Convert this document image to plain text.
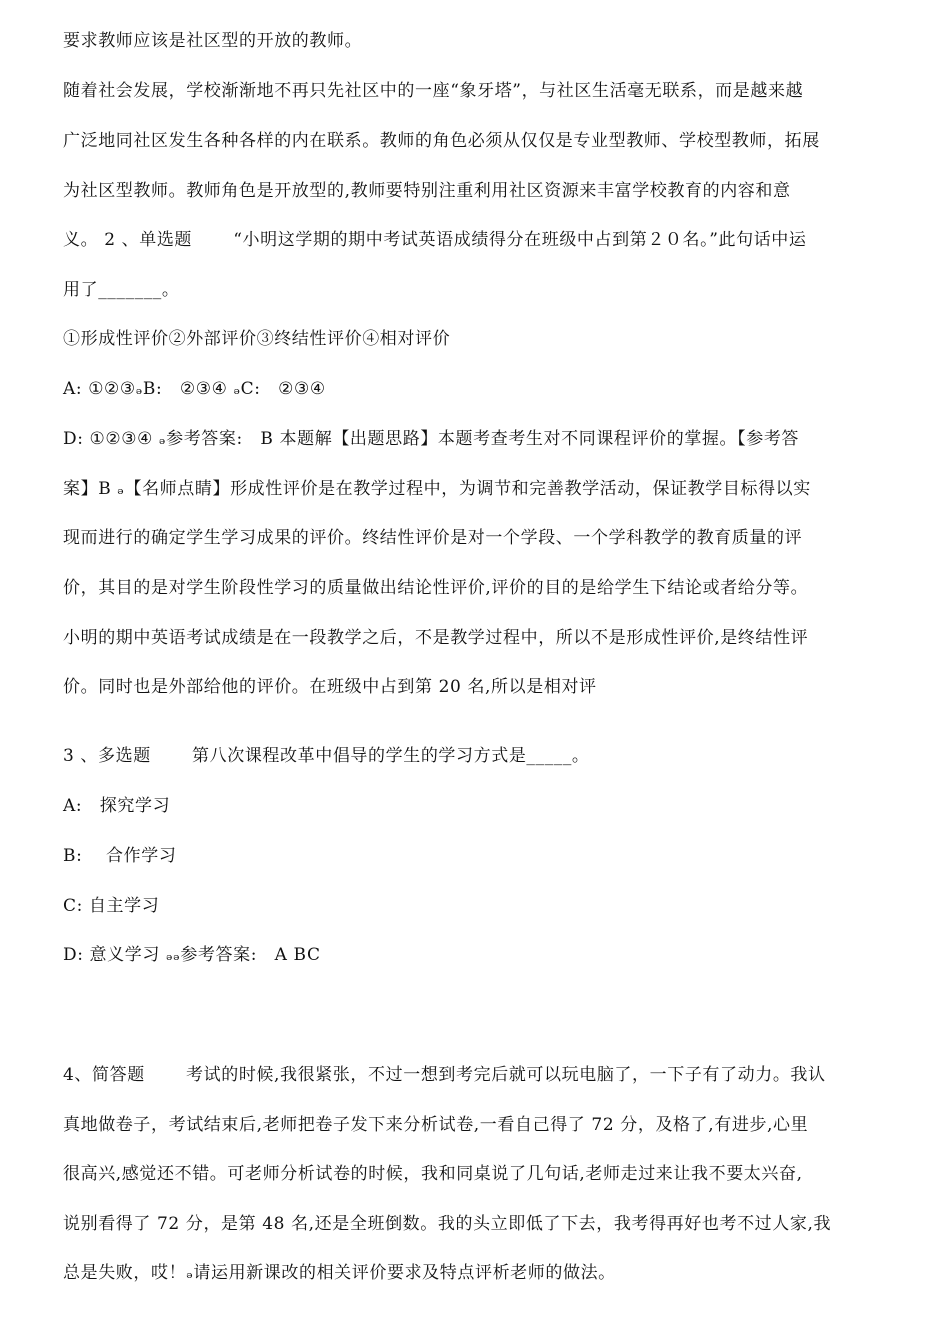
要求教师应该是社区型的开放的教师。
随着社会发展，学校渐渐地不再只先社区中的一座“象牙塔”，与社区生活毫无联系，而是越来越
广泛地同社区发生各种各样的内在联系。教师的角色必须从仅仅是专业型教师、学校型教师，拓展
为社区型教师。教师角色是开放型的,教师要特别注重利用社区资源来丰富学校教育的内容和意
义。 2 、单选题　　 “小明这学期的期中考试英语成绩得分在班级中占到第２０名。”此句话中运
用了_______。
①形成性评价②外部评价③终结性评价④相对评价
A: ①②③ₔB:　②③④ ₔC:　②③④
D: ①②③④ ₔ参考答案:　B 本题解【出题思路】本题考查考生对不同课程评价的掌握。【参考答
案】B ₔ【名师点睛】形成性评价是在教学过程中，为调节和完善教学活动，保证教学目标得以实
现而进行的确定学生学习成果的评价。终结性评价是对一个学段、一个学科教学的教育质量的评
价，其目的是对学生阶段性学习的质量做出结论性评价,评价的目的是给学生下结论或者给分等。
小明的期中英语考试成绩是在一段教学之后，不是教学过程中，所以不是形成性评价,是终结性评
价。同时也是外部给他的评价。在班级中占到第 20 名,所以是相对评
3 、多选题　　 第八次课程改革中倡导的学生的学习方式是_____。
A:　探究学习
B:　 合作学习
C: 自主学习
D: 意义学习 ₔₔ参考答案:　A BC
4、简答题　　 考试的时候,我很紧张，不过一想到考完后就可以玩电脑了，一下子有了动力。我认
真地做卷子，考试结束后,老师把卷子发下来分析试卷,一看自己得了 72 分，及格了,有进步,心里
很高兴,感觉还不错。可老师分析试卷的时候，我和同桌说了几句话,老师走过来让我不要太兴奋,
说别看得了 72 分，是第 48 名,还是全班倒数。我的头立即低了下去，我考得再好也考不过人家,我
总是失败，哎！ₔ请运用新课改的相关评价要求及特点评析老师的做法。
